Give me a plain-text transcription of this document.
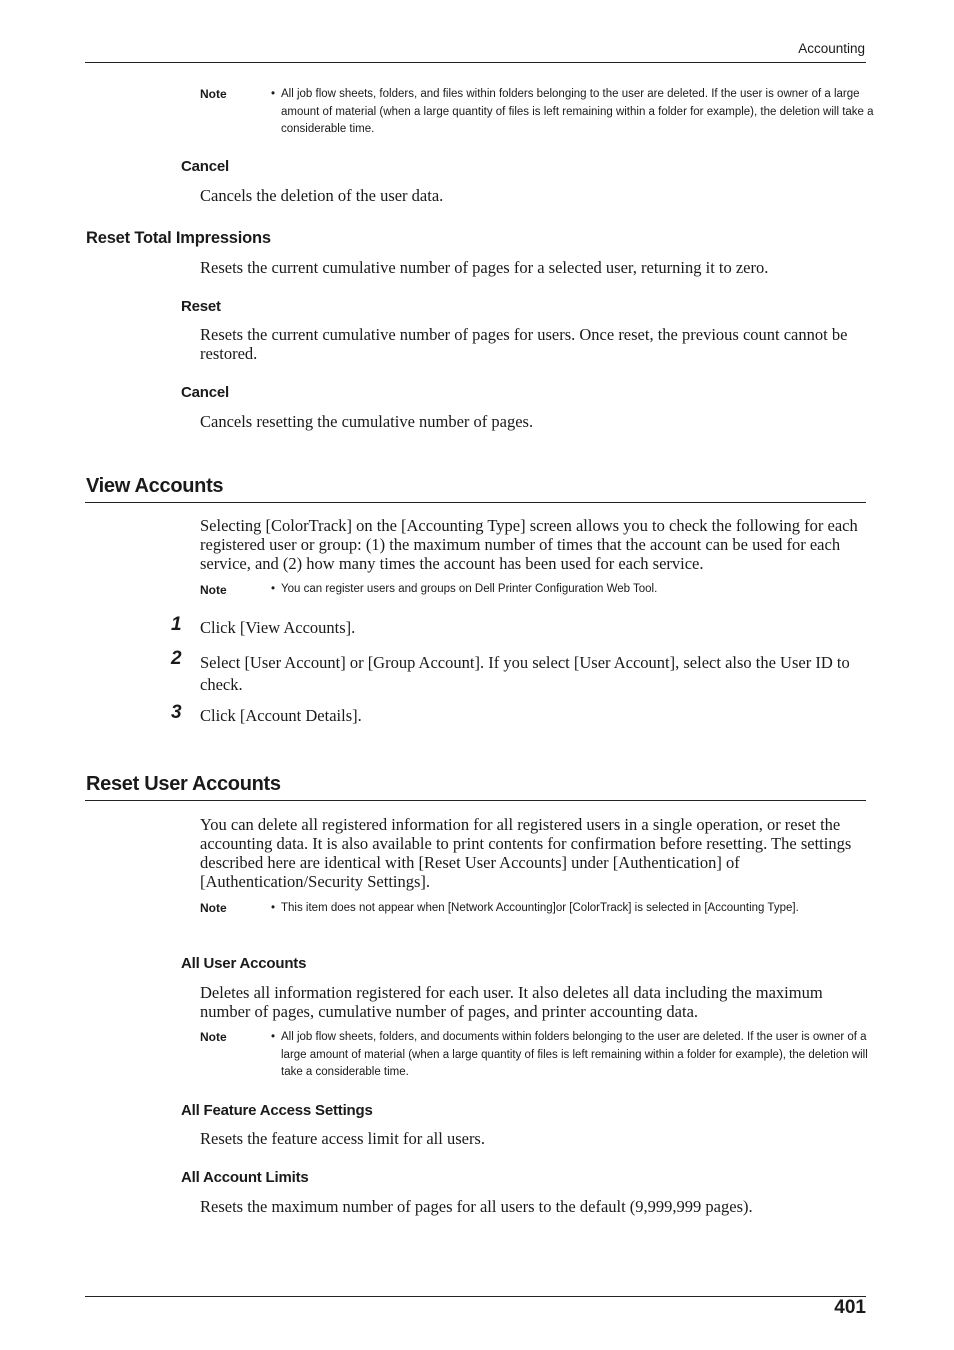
Accounting
Note	• All job flow sheets, folders, and files within folders belonging to the user are deleted. If the user is owner of a large amount of material (when a large quantity of files is left remaining within a folder for example), the deletion will take a considerable time.
Cancel
Cancels the deletion of the user data.
Reset Total Impressions
Resets the current cumulative number of pages for a selected user, returning it to zero.
Reset
Resets the current cumulative number of pages for users. Once reset, the previous count cannot be restored.
Cancel
Cancels resetting the cumulative number of pages.
View Accounts
Selecting [ColorTrack] on the [Accounting Type] screen allows you to check the following for each registered user or group: (1) the maximum number of times that the account can be used for each service, and (2) how many times the account has been used for each service.
Note	• You can register users and groups on Dell Printer Configuration Web Tool.
1 Click [View Accounts].
2 Select [User Account] or [Group Account]. If you select [User Account], select also the User ID to check.
3 Click [Account Details].
Reset User Accounts
You can delete all registered information for all registered users in a single operation, or reset the accounting data. It is also available to print contents for confirmation before resetting. The settings described here are identical with [Reset User Accounts] under [Authentication] of [Authentication/Security Settings].
Note	• This item does not appear when [Network Accounting]or [ColorTrack] is selected in [Accounting Type].
All User Accounts
Deletes all information registered for each user. It also deletes all data including the maximum number of pages, cumulative number of pages, and printer accounting data.
Note	• All job flow sheets, folders, and documents within folders belonging to the user are deleted. If the user is owner of a large amount of material (when a large quantity of files is left remaining within a folder for example), the deletion will take a considerable time.
All Feature Access Settings
Resets the feature access limit for all users.
All Account Limits
Resets the maximum number of pages for all users to the default (9,999,999 pages).
401
